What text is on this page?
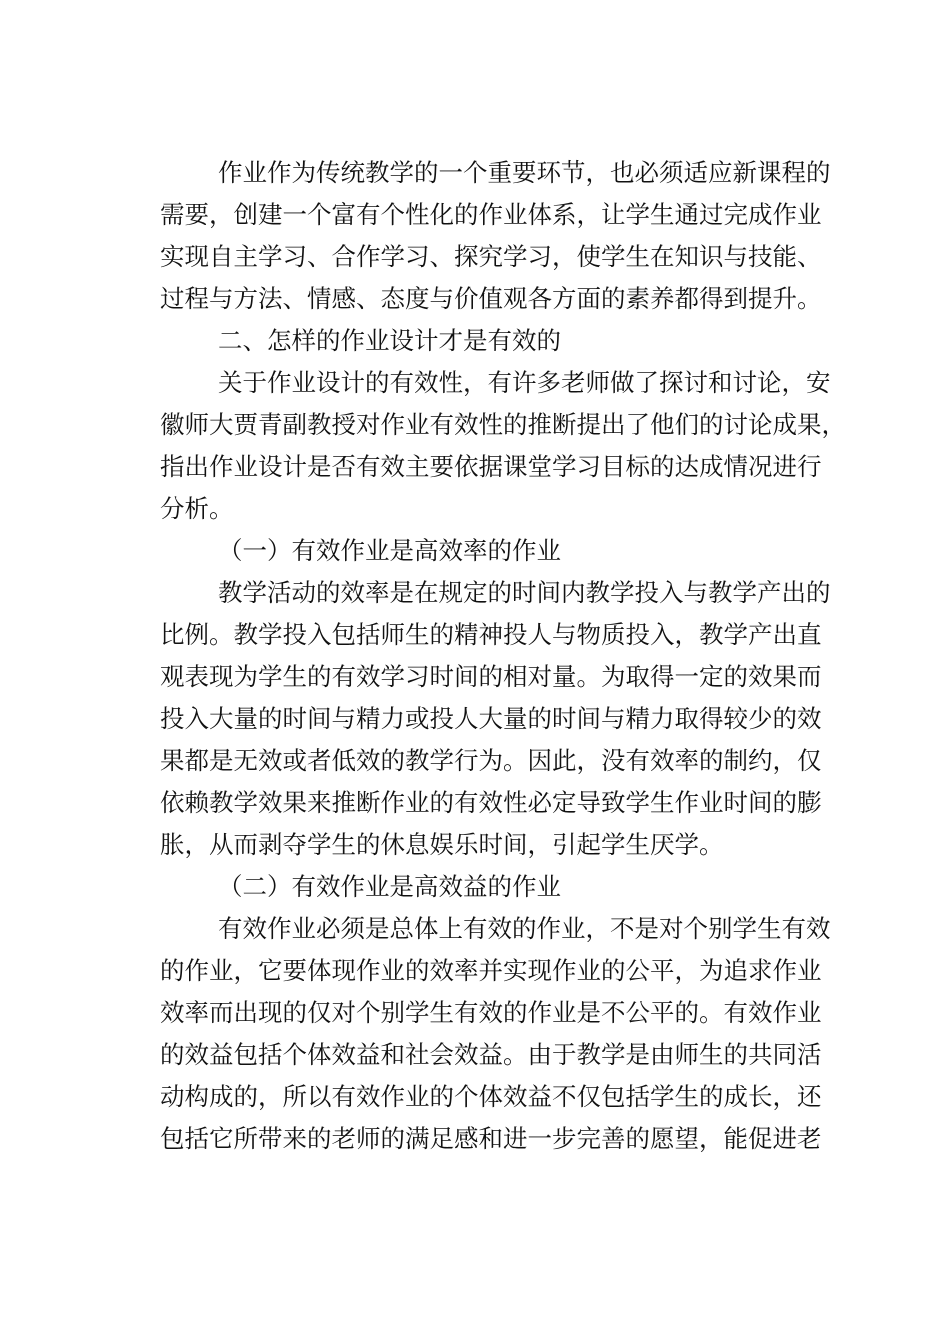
作业作为传统教学的一个重要环节，也必须适应新课程的
需要，创建一个富有个性化的作业体系，让学生通过完成作业
实现自主学习、合作学习、探究学习，使学生在知识与技能、
过程与方法、情感、态度与价值观各方面的素养都得到提升。
二、怎样的作业设计才是有效的
关于作业设计的有效性，有许多老师做了探讨和讨论，安
徽师大贾青副教授对作业有效性的推断提出了他们的讨论成果，
指出作业设计是否有效主要依据课堂学习目标的达成情况进行
分析。
（一）有效作业是高效率的作业
教学活动的效率是在规定的时间内教学投入与教学产出的
比例。教学投入包括师生的精神投人与物质投入，教学产出直
观表现为学生的有效学习时间的相对量。为取得一定的效果而
投入大量的时间与精力或投人大量的时间与精力取得较少的效
果都是无效或者低效的教学行为。因此，没有效率的制约，仅
依赖教学效果来推断作业的有效性必定导致学生作业时间的膨
胀，从而剥夺学生的休息娱乐时间，引起学生厌学。
（二）有效作业是高效益的作业
有效作业必须是总体上有效的作业，不是对个别学生有效
的作业，它要体现作业的效率并实现作业的公平，为追求作业
效率而出现的仅对个别学生有效的作业是不公平的。有效作业
的效益包括个体效益和社会效益。由于教学是由师生的共同活
动构成的，所以有效作业的个体效益不仅包括学生的成长，还
包括它所带来的老师的满足感和进一步完善的愿望，能促进老
